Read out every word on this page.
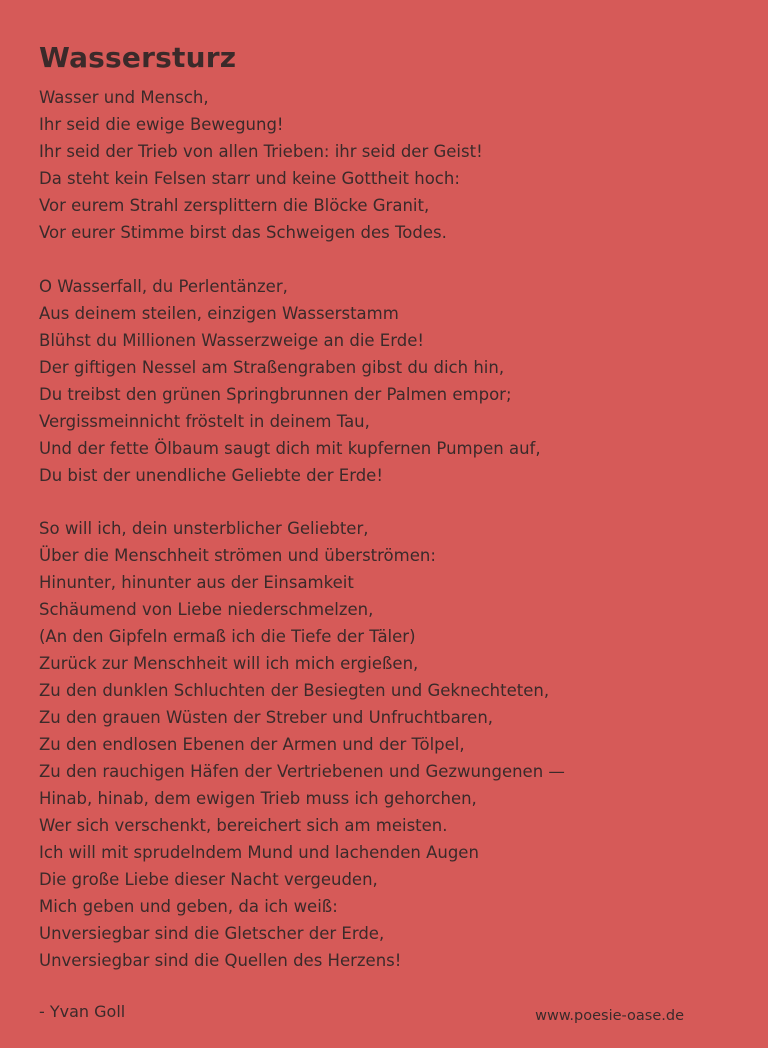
Wassersturz
Wasser und Mensch,
Ihr seid die ewige Bewegung!
Ihr seid der Trieb von allen Trieben: ihr seid der Geist!
Da steht kein Felsen starr und keine Gottheit hoch:
Vor eurem Strahl zersplittern die Blöcke Granit,
Vor eurer Stimme birst das Schweigen des Todes.
O Wasserfall, du Perlentänzer,
Aus deinem steilen, einzigen Wasserstamm
Blühst du Millionen Wasserzweige an die Erde!
Der giftigen Nessel am Straßengraben gibst du dich hin,
Du treibst den grünen Springbrunnen der Palmen empor;
Vergissmeinnicht fröstelt in deinem Tau,
Und der fette Ölbaum saugt dich mit kupfernen Pumpen auf,
Du bist der unendliche Geliebte der Erde!
So will ich, dein unsterblicher Geliebter,
Über die Menschheit strömen und überströmen:
Hinunter, hinunter aus der Einsamkeit
Schäumend von Liebe niederschmelzen,
(An den Gipfeln ermaß ich die Tiefe der Täler)
Zurück zur Menschheit will ich mich ergießen,
Zu den dunklen Schluchten der Besiegten und Geknechteten,
Zu den grauen Wüsten der Streber und Unfruchtbaren,
Zu den endlosen Ebenen der Armen und der Tölpel,
Zu den rauchigen Häfen der Vertriebenen und Gezwungenen —
Hinab, hinab, dem ewigen Trieb muss ich gehorchen,
Wer sich verschenkt, bereichert sich am meisten.
Ich will mit sprudelndem Mund und lachenden Augen
Die große Liebe dieser Nacht vergeuden,
Mich geben und geben, da ich weiß:
Unversiegbar sind die Gletscher der Erde,
Unversiegbar sind die Quellen des Herzens!
- Yvan Goll	www.poesie-oase.de
